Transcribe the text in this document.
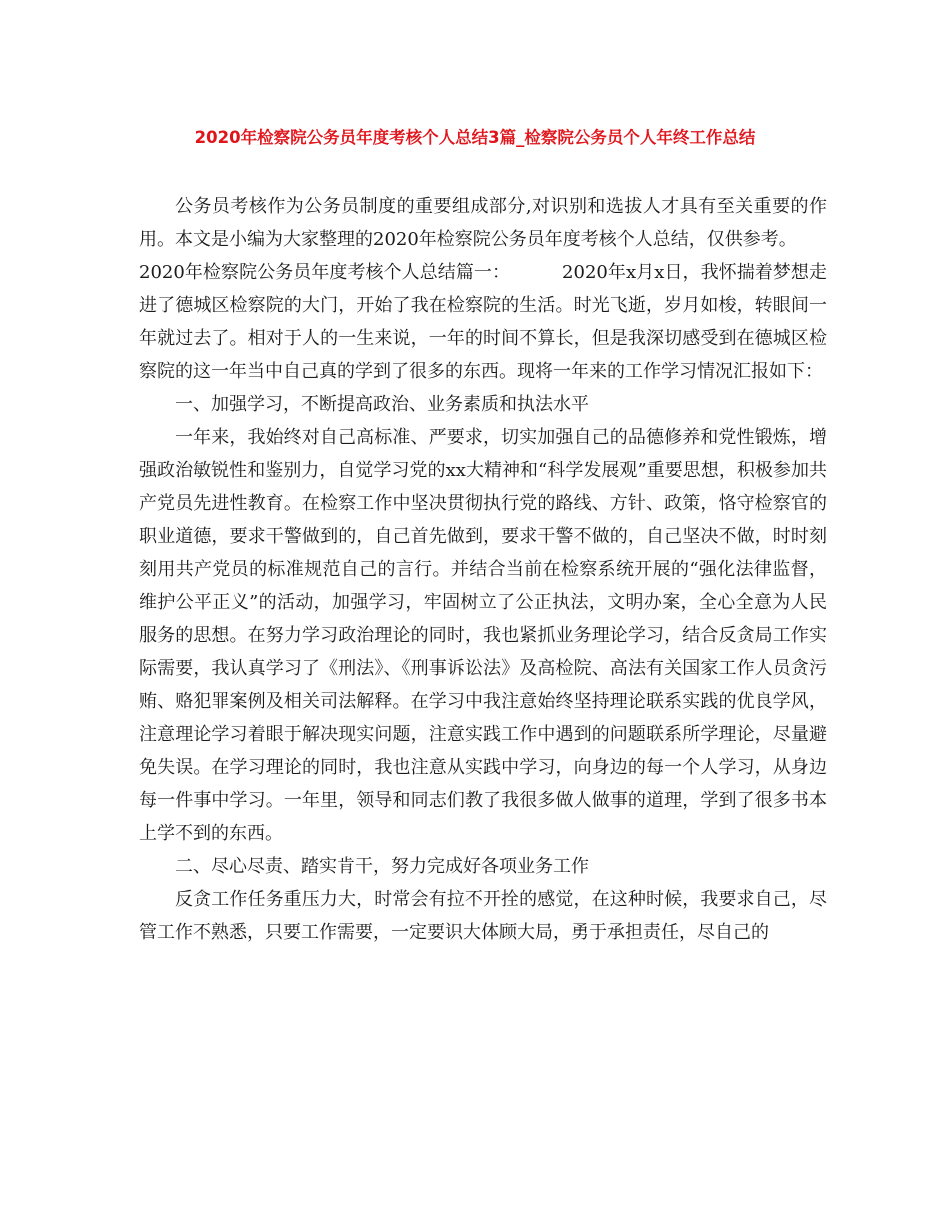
2020年检察院公务员年度考核个人总结3篇_检察院公务员个人年终工作总结

公务员考核作为公务员制度的重要组成部分,对识别和选拔人才具有至关重要的作用。本文是小编为大家整理的2020年检察院公务员年度考核个人总结，仅供参考。

2020年检察院公务员年度考核个人总结篇一：	2020年x月x日，我怀揣着梦想走进了德城区检察院的大门，开始了我在检察院的生活。时光飞逝，岁月如梭，转眼间一年就过去了。相对于人的一生来说，一年的时间不算长，但是我深切感受到在德城区检察院的这一年当中自己真的学到了很多的东西。现将一年来的工作学习情况汇报如下：

一、加强学习，不断提高政治、业务素质和执法水平

一年来，我始终对自己高标准、严要求，切实加强自己的品德修养和党性锻炼，增强政治敏锐性和鉴别力，自觉学习党的xx大精神和“科学发展观”重要思想，积极参加共产党员先进性教育。在检察工作中坚决贯彻执行党的路线、方针、政策，恪守检察官的职业道德，要求干警做到的，自己首先做到，要求干警不做的，自己坚决不做，时时刻刻用共产党员的标准规范自己的言行。并结合当前在检察系统开展的“强化法律监督，维护公平正义”的活动，加强学习，牢固树立了公正执法，文明办案，全心全意为人民服务的思想。在努力学习政治理论的同时，我也紧抓业务理论学习，结合反贪局工作实际需要，我认真学习了《刑法》、《刑事诉讼法》及高检院、高法有关国家工作人员贪污贿、赂犯罪案例及相关司法解释。在学习中我注意始终坚持理论联系实践的优良学风，注意理论学习着眼于解决现实问题，注意实践工作中遇到的问题联系所学理论，尽量避免失误。在学习理论的同时，我也注意从实践中学习，向身边的每一个人学习，从身边每一件事中学习。一年里，领导和同志们教了我很多做人做事的道理，学到了很多书本上学不到的东西。

二、尽心尽责、踏实肯干，努力完成好各项业务工作

反贪工作任务重压力大，时常会有拉不开拴的感觉，在这种时候，我要求自己，尽管工作不熟悉，只要工作需要，一定要识大体顾大局，勇于承担责任，尽自己的
